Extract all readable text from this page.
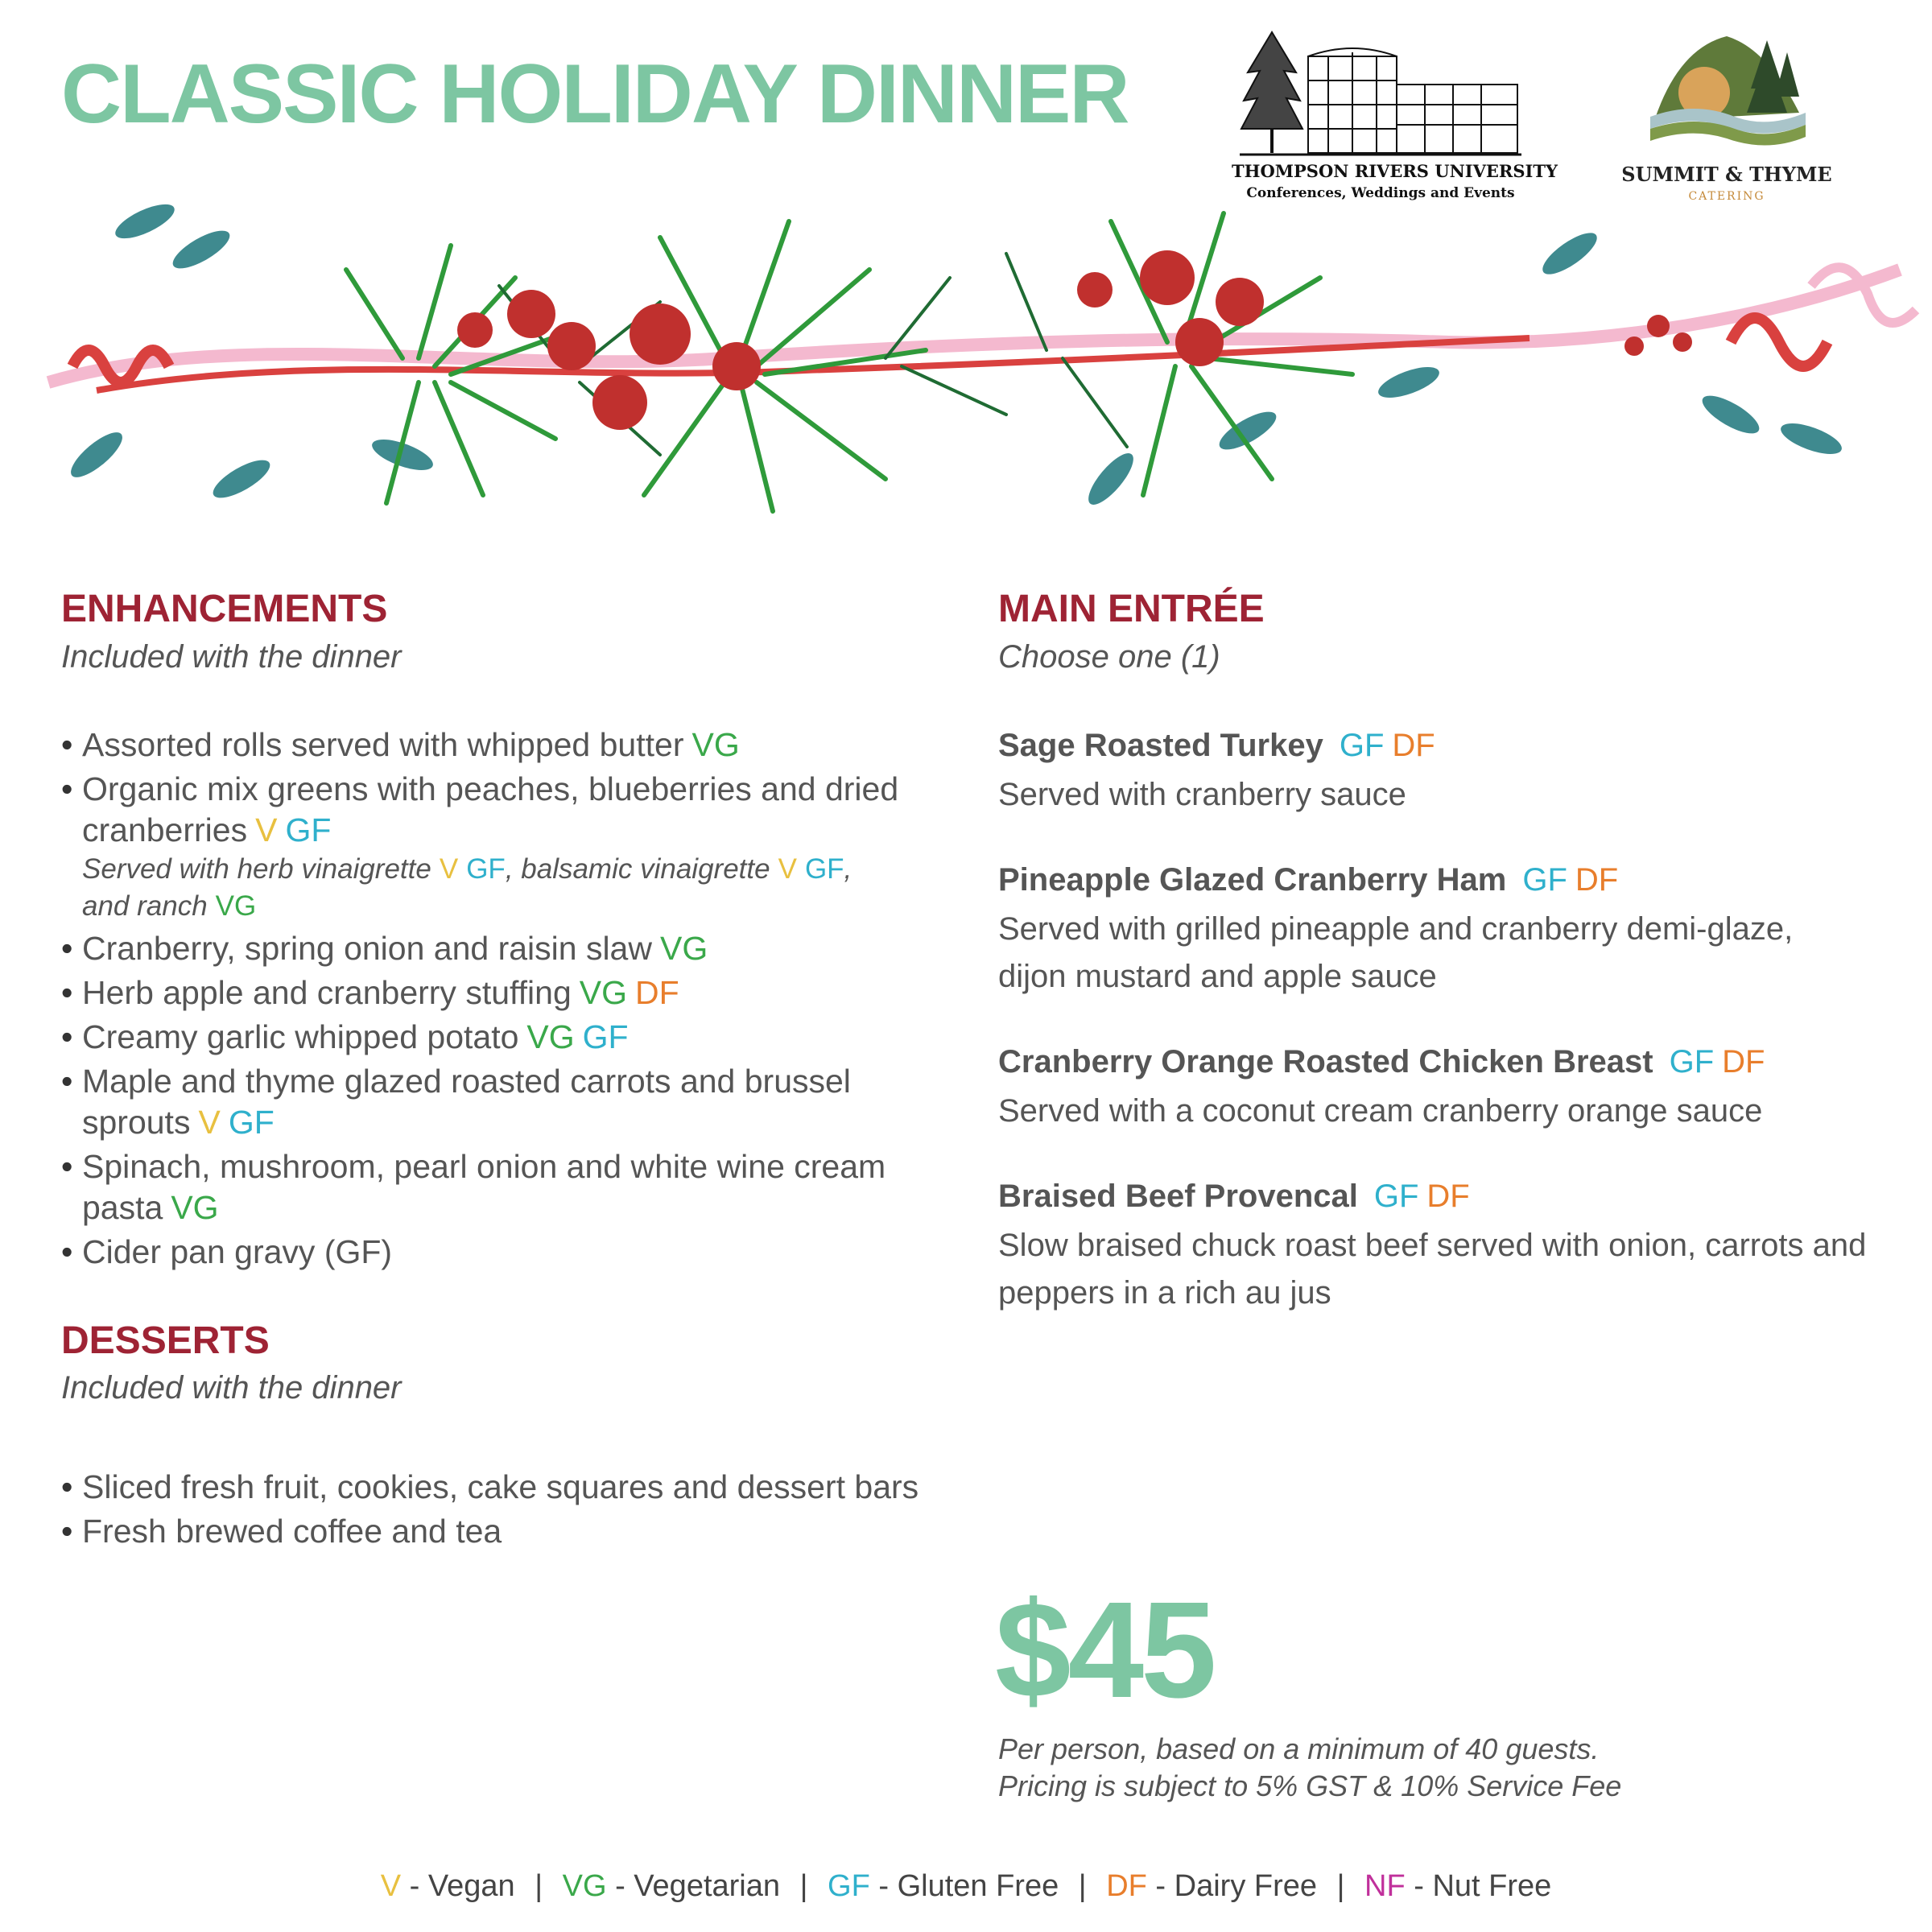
CLASSIC HOLIDAY DINNER
THOMPSON RIVERS UNIVERSITY
Conferences, Weddings and Events
SUMMIT & THYME
CATERING
ENHANCEMENTS

Included with the dinner

• Assorted rolls served with whipped butter VG
• Organic mix greens with peaches, blueberries and dried cranberries V GF
Served with herb vinaigrette V GF, balsamic vinaigrette V GF,
and ranch VG
• Cranberry, spring onion and raisin slaw VG
• Herb apple and cranberry stuffing VG DF
• Creamy garlic whipped potato VG GF
• Maple and thyme glazed roasted carrots and brussel sprouts V GF
• Spinach, mushroom, pearl onion and white wine cream pasta VG
• Cider pan gravy (GF)
DESSERTS

Included with the dinner

• Sliced fresh fruit, cookies, cake squares and dessert bars
• Fresh brewed coffee and tea
MAIN ENTRÉE

Choose one (1)

Sage Roasted Turkey GF DF

Served with cranberry sauce

Pineapple Glazed Cranberry Ham GF DF

Served with grilled pineapple and cranberry demi-glaze, dijon mustard and apple sauce

Cranberry Orange Roasted Chicken Breast GF DF

Served with a coconut cream cranberry orange sauce

Braised Beef Provencal GF DF

Slow braised chuck roast beef served with onion, carrots and peppers in a rich au jus

$45

Per person, based on a minimum of 40 guests.
Pricing is subject to 5% GST & 10% Service Fee
V - Vegan | VG - Vegetarian | GF - Gluten Free | DF - Dairy Free | NF - Nut Free
